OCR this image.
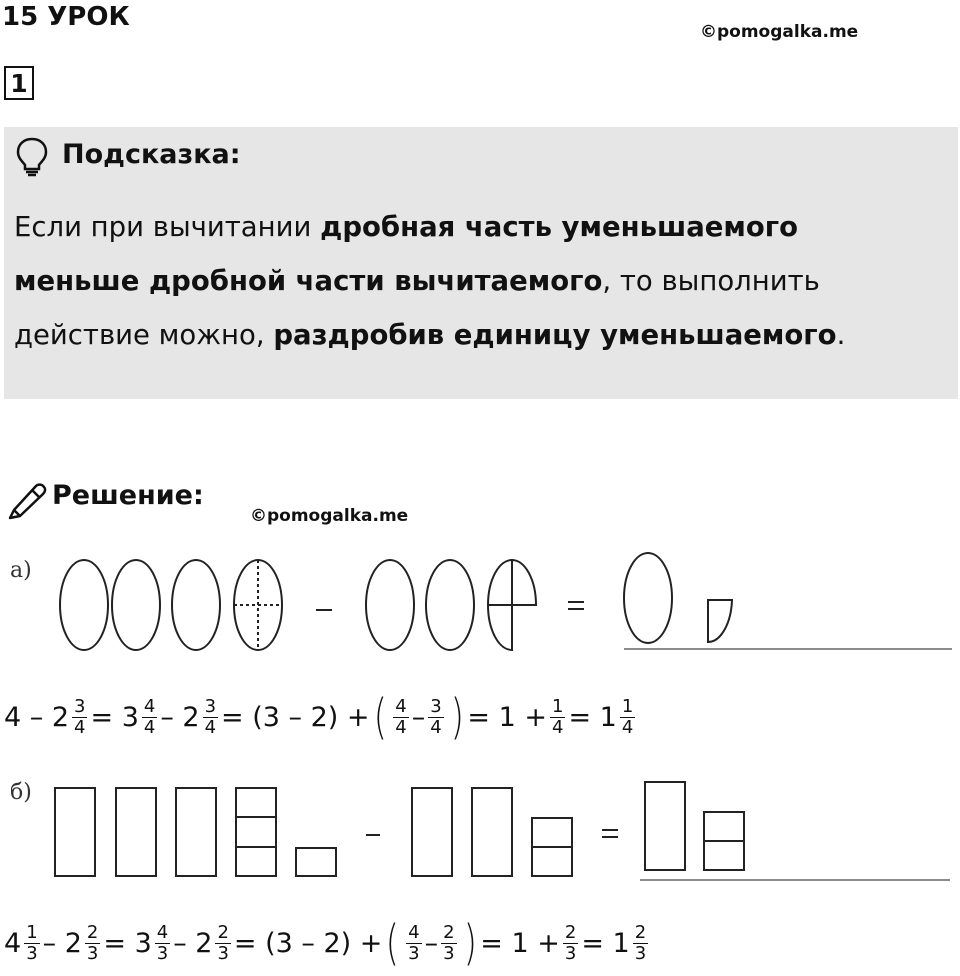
15 УРОК	©pomogalka.me
1
Подсказка:
Если при вычитании дробная часть уменьшаемого меньше дробной части вычитаемого, то выполнить действие можно, раздробив единицу уменьшаемого.
Решение:
©pomogalka.me
а)
$4 - 2 \frac{3}{4} = 3 \frac{4}{4} - 2 \frac{3}{4} = (3 - 2)$ + ( $\frac{4}{4} - \frac{3}{4}$ ) = $1 + \frac{1}{4} = 1 \frac{1}{4}$
б)
$4 \frac{1}{3} - 2 \frac{2}{3} = 3 \frac{4}{3} - 2 \frac{2}{3} = (3 - 2)$ + ( $\frac{4}{3} - \frac{2}{3}$ ) = $1 + \frac{2}{3} = 1 \frac{2}{3}$
